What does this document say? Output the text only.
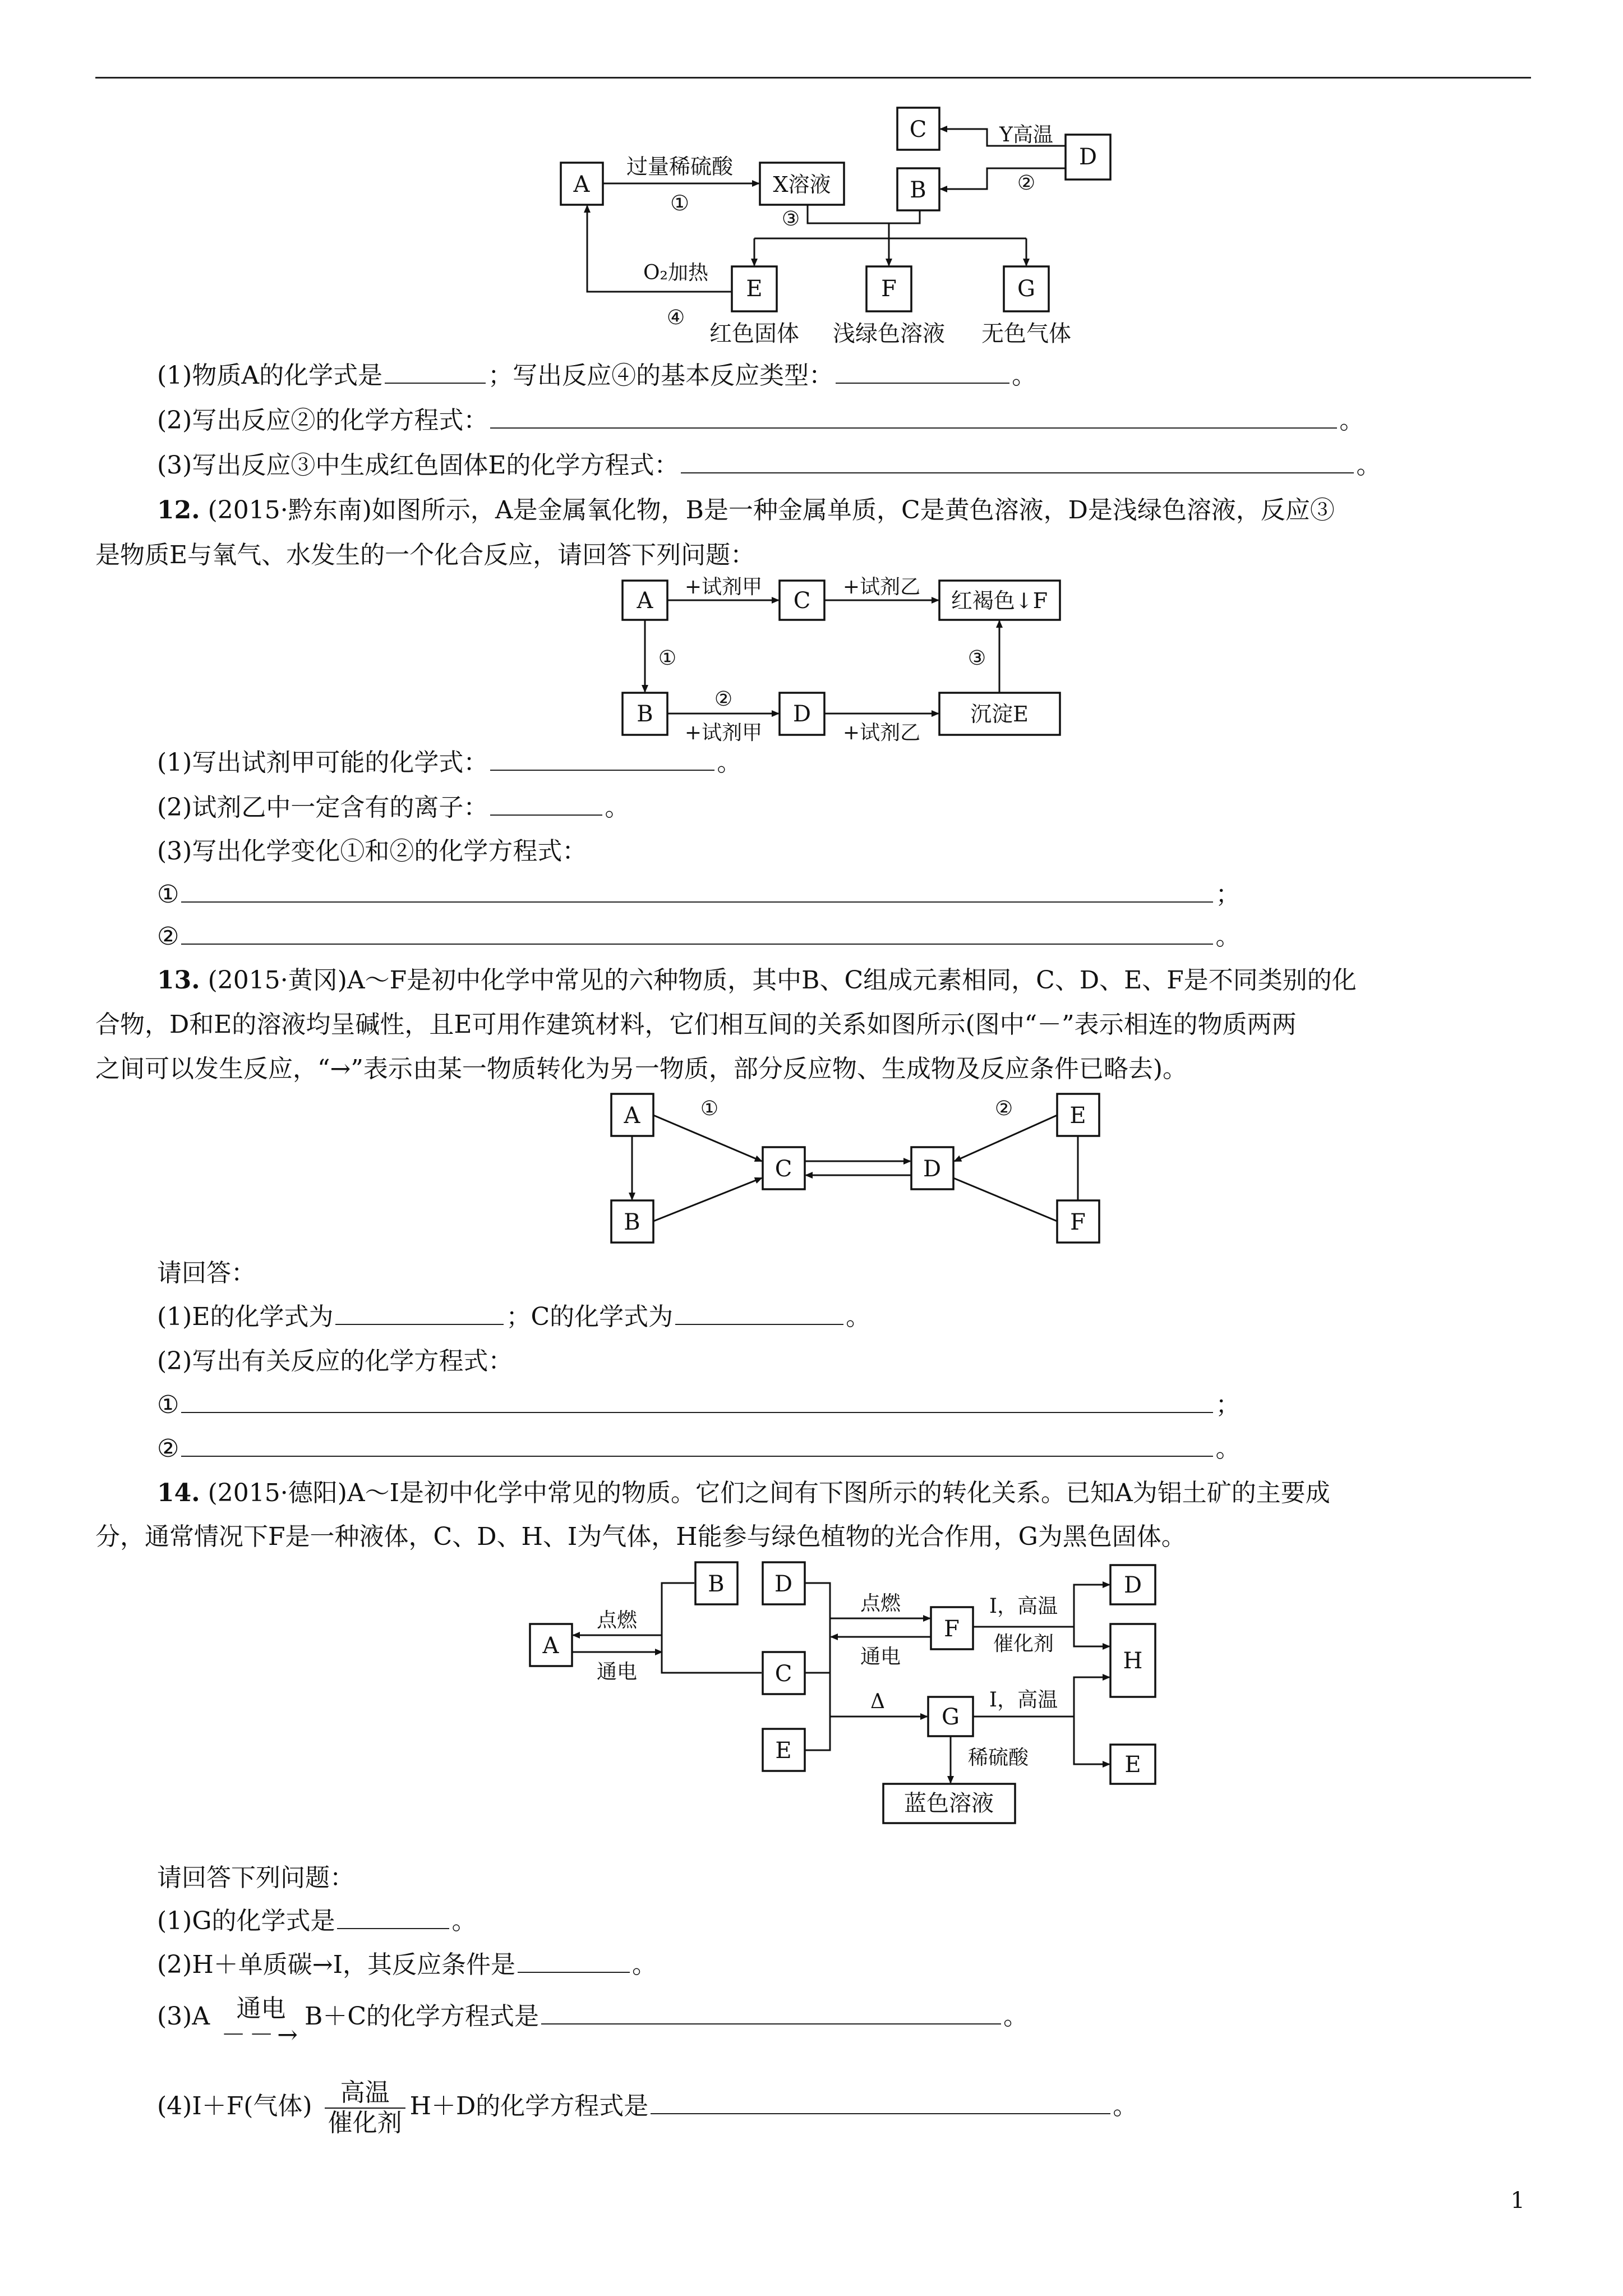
A	X溶液
C
B
D
E	F	G
过量稀硫酸
①
Y高温
②
③
O₂加热
④
红色固体 浅绿色溶液 无色气体
(1)物质A的化学式是	；写出反应④的基本反应类型：	。
(2)写出反应②的化学方程式：	。
(3)写出反应③中生成红色固体E的化学方程式：	。
12. (2015·黔东南)如图所示，A是金属氧化物，B是一种金属单质，C是黄色溶液，D是浅绿色溶液，反应③
是物质E与氧气、水发生的一个化合反应，请回答下列问题：
A	C	红褐色↓F
B	D	沉淀E
+试剂甲	+试剂乙
①
②
+试剂甲	+试剂乙
③
(1)写出试剂甲可能的化学式：	。
(2)试剂乙中一定含有的离子：	。
(3)写出化学变化①和②的化学方程式：
①	；
②	。
13. (2015·黄冈)A～F是初中化学中常见的六种物质，其中B、C组成元素相同，C、D、E、F是不同类别的化
合物，D和E的溶液均呈碱性，且E可用作建筑材料，它们相互间的关系如图所示(图中“－”表示相连的物质两两
之间可以发生反应，“→”表示由某一物质转化为另一物质，部分反应物、生成物及反应条件已略去)。
A
B
C	D
E
F
①	②
请回答：
(1)E的化学式为	；C的化学式为	。
(2)写出有关反应的化学方程式：
①	；
②	。
14. (2015·德阳)A～I是初中化学中常见的物质。它们之间有下图所示的转化关系。已知A为铝土矿的主要成
分，通常情况下F是一种液体，C、D、H、I为气体，H能参与绿色植物的光合作用，G为黑色固体。
A
B
C
D
E
F
G
D
H
E
蓝色溶液
点燃
通电
点燃
通电
I，高温
催化剂
Δ	I，高温
稀硫酸
请回答下列问题：
(1)G的化学式是	。
(2)H＋单质碳→I，其反应条件是	。
(3)A	通电
－－→
B＋C的化学方程式是	。
(4)I＋F(气体) $\frac{\text{高温}}{\text{催化剂}} H+D$的化学方程式是	。
1
